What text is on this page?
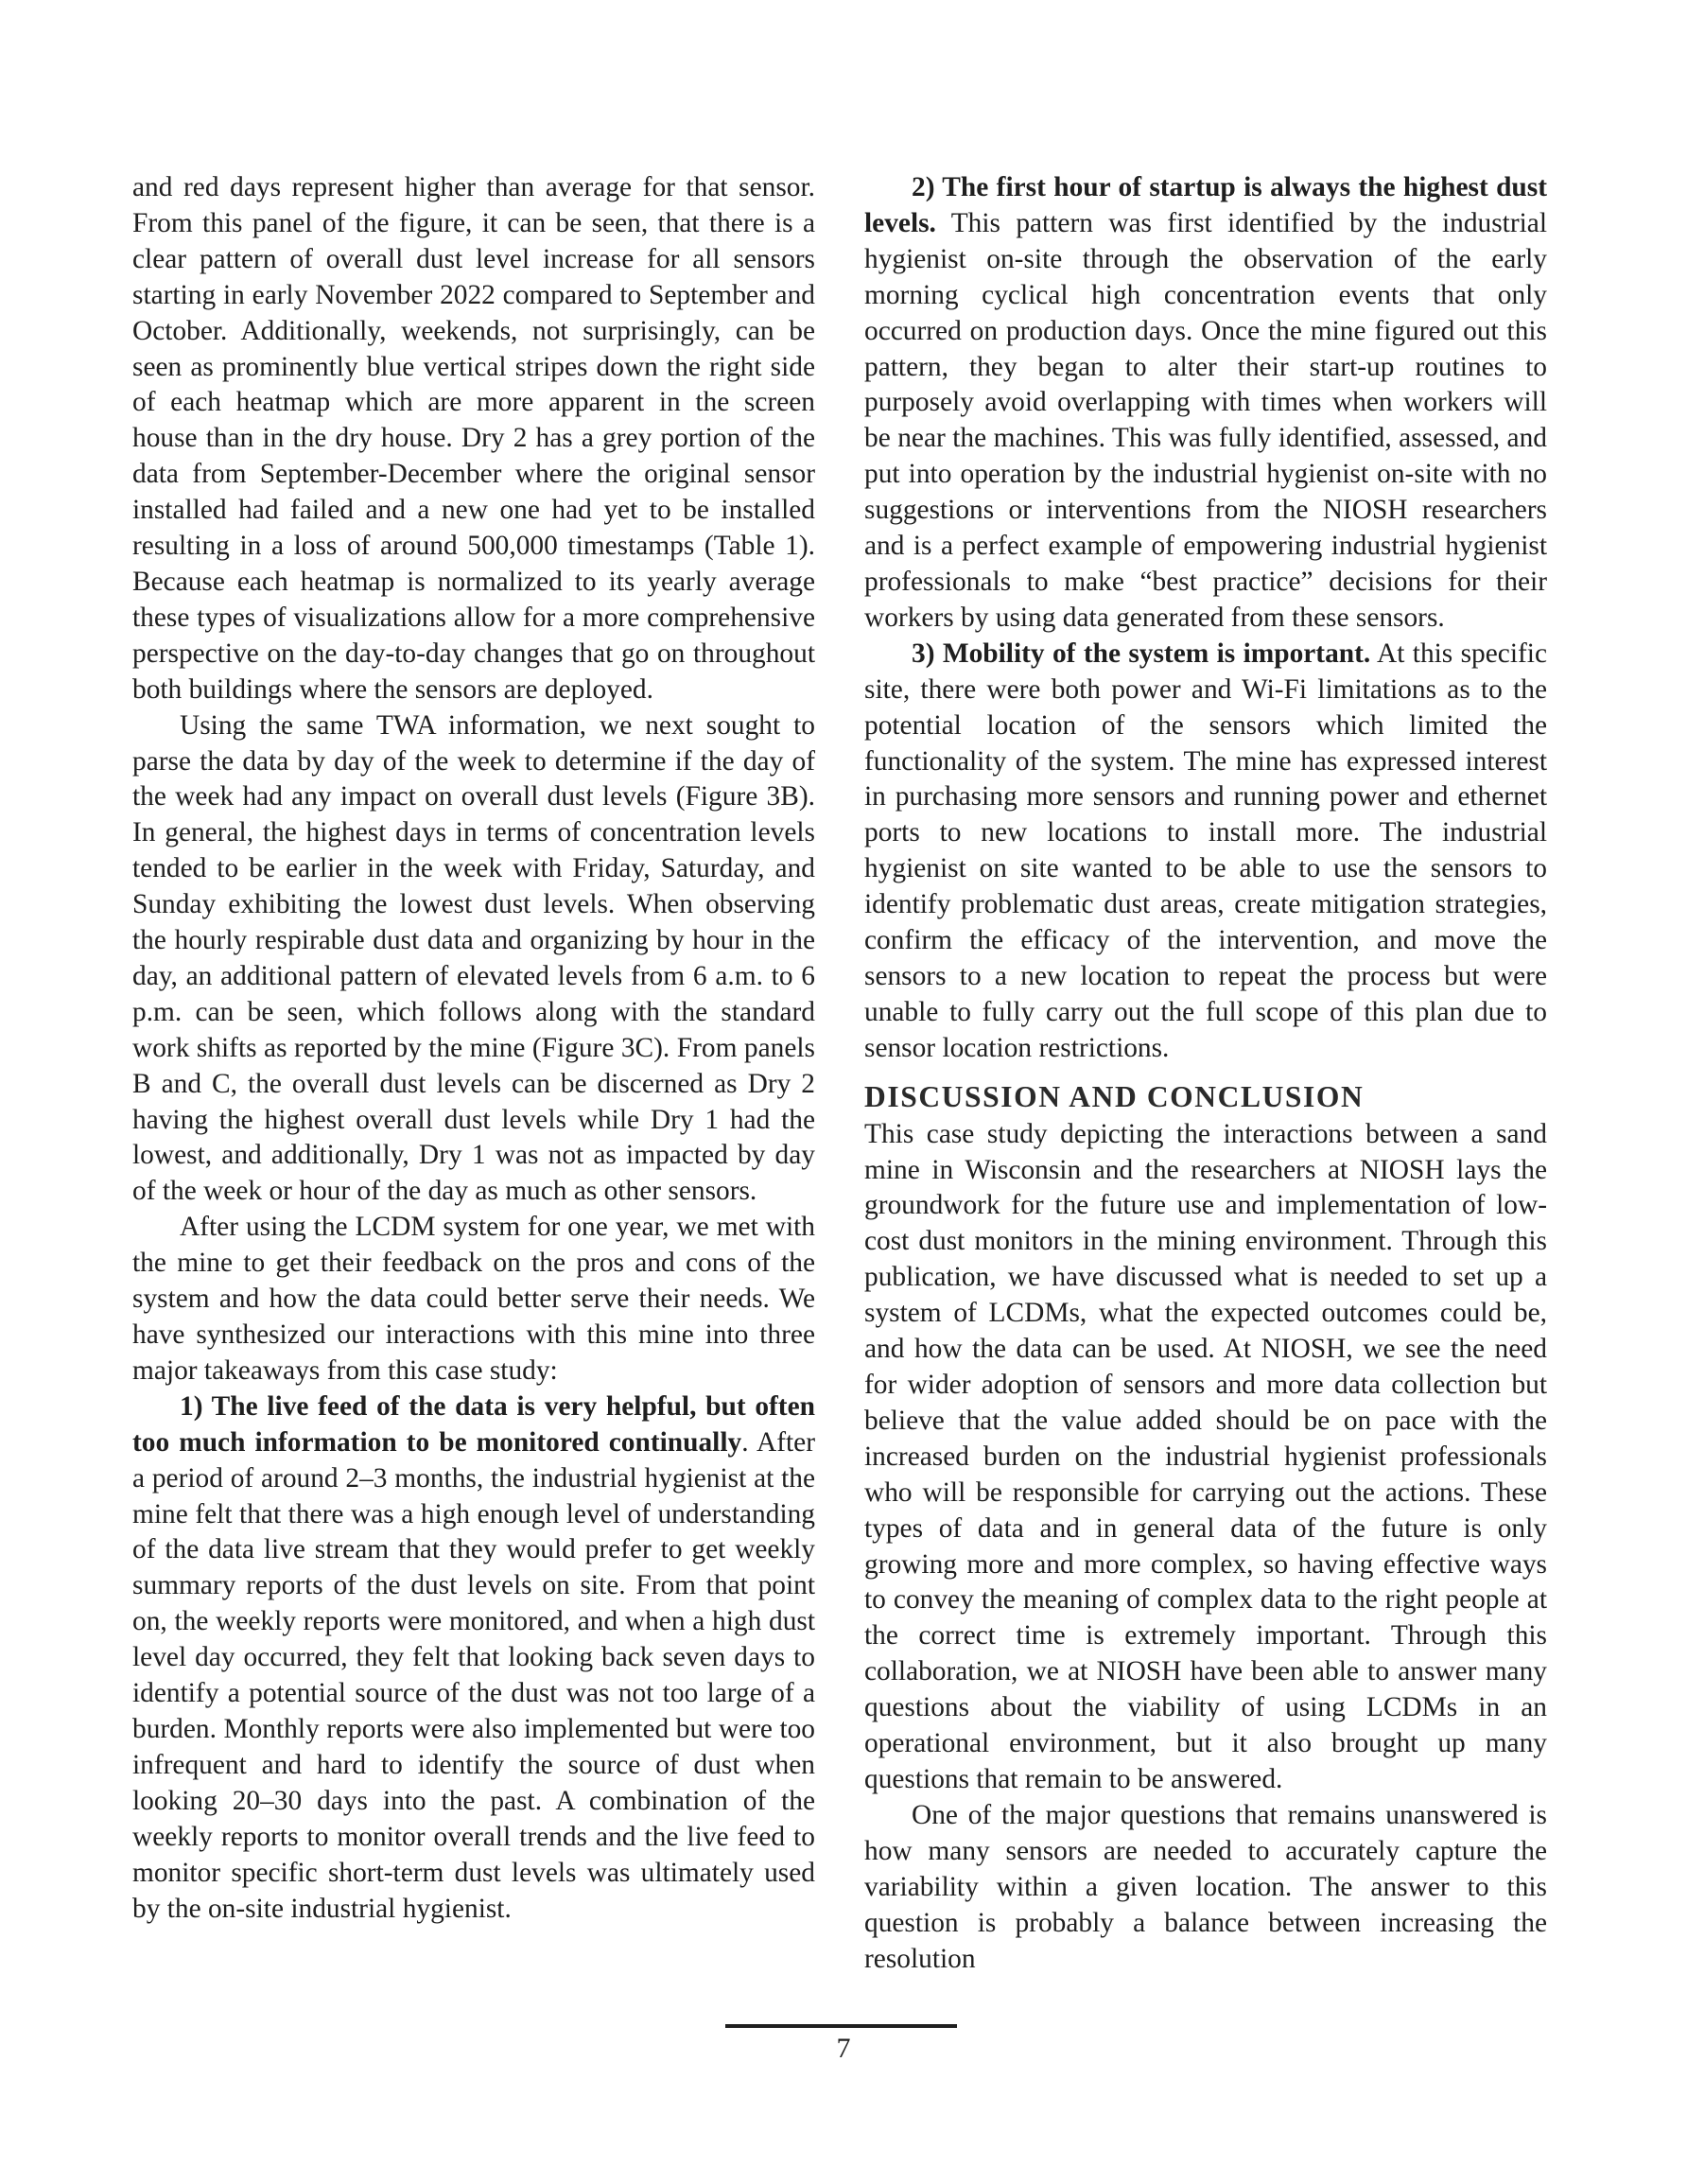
and red days represent higher than average for that sensor. From this panel of the figure, it can be seen, that there is a clear pattern of overall dust level increase for all sensors starting in early November 2022 compared to September and October. Additionally, weekends, not surprisingly, can be seen as prominently blue vertical stripes down the right side of each heatmap which are more apparent in the screen house than in the dry house. Dry 2 has a grey portion of the data from September-December where the original sensor installed had failed and a new one had yet to be installed resulting in a loss of around 500,000 timestamps (Table 1). Because each heatmap is normalized to its yearly average these types of visualizations allow for a more comprehensive perspective on the day-to-day changes that go on throughout both buildings where the sensors are deployed.

Using the same TWA information, we next sought to parse the data by day of the week to determine if the day of the week had any impact on overall dust levels (Figure 3B). In general, the highest days in terms of concentration levels tended to be earlier in the week with Friday, Saturday, and Sunday exhibiting the lowest dust levels. When observing the hourly respirable dust data and organizing by hour in the day, an additional pattern of elevated levels from 6 a.m. to 6 p.m. can be seen, which follows along with the standard work shifts as reported by the mine (Figure 3C). From panels B and C, the overall dust levels can be discerned as Dry 2 having the highest overall dust levels while Dry 1 had the lowest, and additionally, Dry 1 was not as impacted by day of the week or hour of the day as much as other sensors.

After using the LCDM system for one year, we met with the mine to get their feedback on the pros and cons of the system and how the data could better serve their needs. We have synthesized our interactions with this mine into three major takeaways from this case study:

1) The live feed of the data is very helpful, but often too much information to be monitored continually. After a period of around 2–3 months, the industrial hygienist at the mine felt that there was a high enough level of understanding of the data live stream that they would prefer to get weekly summary reports of the dust levels on site. From that point on, the weekly reports were monitored, and when a high dust level day occurred, they felt that looking back seven days to identify a potential source of the dust was not too large of a burden. Monthly reports were also implemented but were too infrequent and hard to identify the source of dust when looking 20–30 days into the past. A combination of the weekly reports to monitor overall trends and the live feed to monitor specific short-term dust levels was ultimately used by the on-site industrial hygienist.

2) The first hour of startup is always the highest dust levels. This pattern was first identified by the industrial hygienist on-site through the observation of the early morning cyclical high concentration events that only occurred on production days. Once the mine figured out this pattern, they began to alter their start-up routines to purposely avoid overlapping with times when workers will be near the machines. This was fully identified, assessed, and put into operation by the industrial hygienist on-site with no suggestions or interventions from the NIOSH researchers and is a perfect example of empowering industrial hygienist professionals to make “best practice” decisions for their workers by using data generated from these sensors.

3) Mobility of the system is important. At this specific site, there were both power and Wi-Fi limitations as to the potential location of the sensors which limited the functionality of the system. The mine has expressed interest in purchasing more sensors and running power and ethernet ports to new locations to install more. The industrial hygienist on site wanted to be able to use the sensors to identify problematic dust areas, create mitigation strategies, confirm the efficacy of the intervention, and move the sensors to a new location to repeat the process but were unable to fully carry out the full scope of this plan due to sensor location restrictions.

DISCUSSION AND CONCLUSION

This case study depicting the interactions between a sand mine in Wisconsin and the researchers at NIOSH lays the groundwork for the future use and implementation of low-cost dust monitors in the mining environment. Through this publication, we have discussed what is needed to set up a system of LCDMs, what the expected outcomes could be, and how the data can be used. At NIOSH, we see the need for wider adoption of sensors and more data collection but believe that the value added should be on pace with the increased burden on the industrial hygienist professionals who will be responsible for carrying out the actions. These types of data and in general data of the future is only growing more and more complex, so having effective ways to convey the meaning of complex data to the right people at the correct time is extremely important. Through this collaboration, we at NIOSH have been able to answer many questions about the viability of using LCDMs in an operational environment, but it also brought up many questions that remain to be answered.

One of the major questions that remains unanswered is how many sensors are needed to accurately capture the variability within a given location. The answer to this question is probably a balance between increasing the resolution

7
